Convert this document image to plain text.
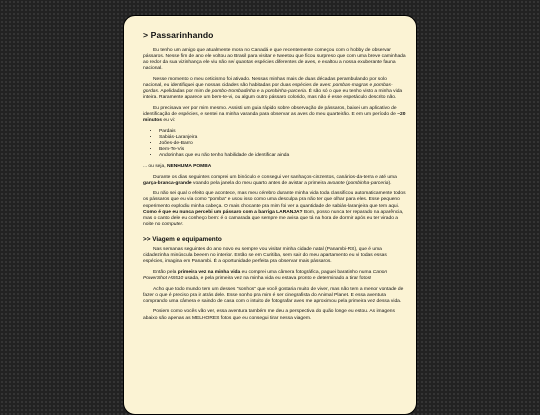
> Passarinhando

Eu tenho um amigo que atualmente mora no Canadá e que recentemente começou com o hobby de observar pássaros. Nesse fim de ano ele voltou ao Brasil para visitar e tweetou que ficou surpreso que com uma breve caminhada ao redor da sua vizinhança ele viu não sei quantas espécies diferentes de aves, e exaltou a nossa exuberante fauna nacional.

Nesse momento o meu ceticismo foi ativado. Nessas minhas mais de duas décadas perambulando por solo nacional, eu identifiquei que nossas cidades são habitadas por duas espécies de aves: pombas-magras e pombas-gordas. Apelidadas por mim de pombo-trombadinha e a pombinha-parceria. É são só o que eu tenho visto a minha vida inteira. Raramente aparece um bem-te-vi, ou algum outro pássaro colorido, mas não é esse espetáculo descrito não.

Eu precisava ver por mim mesmo. Assisti um guia rápido sobre observação de pássaros, baixei um aplicativo de identificação de espécies, e sentei na minha varanda para observar as aves do meu quarteirão. E em um período de ~20 minutos eu vi:

• Pardais
• Sabiás-Laranjeira
• Joões-de-Barro
• Bem-Te-Vis
• Andorinhas que eu não tenho habilidade de identificar ainda

... ou seja, NENHUMA POMBA

Durante os dias seguintes comprei um binóculo e consegui ver sanhaços-cinzentos, canários-da-terra e até uma garça-branca-grande voando pela janela do meu quarto antes de avistar a primeira avoante (pombinha-parceria).

Eu não sei qual o efeito que acontece, mas meu cérebro durante minha vida toda classificou automaticamente todos os pássaros que eu via como "pomba" e usou isso como uma desculpa pra não ter que olhar para eles. Esse pequeno experimento explodiu minha cabeça. O mais chocante pra mim foi ver a quantidade de sabiás-laranjeira que tem aqui. Como é que eu nunca percebi um pássaro com a barriga LARANJA? Bom, posso nunca ter reparado na aparência, mas o canto dele eu conheço bem: é o camarada que sempre me avisa que tá na hora de dormir após eu ter virado a noite no computer.

>> Viagem e equipamento

Nas semanas seguintes do ano novo eu sempre vou visitar minha cidade natal (Panambi-RS), que é uma cidadezinha minúscula beeem no interior. Então se em Curitiba, sem sair do meu apartamento eu vi todas essas espécies, imagina em Panambi. É a oportunidade perfeita pra observar mais pássaros.

Então pela primeira vez na minha vida eu comprei uma câmera fotográfica, paguei baratinho numa Canon PowerShot HS510 usada, e pela primeira vez na minha vida eu estava pronto e determinado a tirar fotos!

Acho que todo mundo tem um desses "sonhos" que você gostaria muito de viver, mas não tem a menor vontade de fazer o que é preciso pra ir atrás dele. Esse sonho pra mim é ser cinegrafista do Animal Planet. E essa aventura comprando uma câmera e saindo de casa com o intuito de fotografar aves me aproximou pela primeira vez dessa vida.

Posiem como vocês vão ver, essa aventura também me deu a perspectiva do quão longe eu estou. As imagens abaixo são apenas as MELHORES fotos que eu consegui tirar nessa viagem.
